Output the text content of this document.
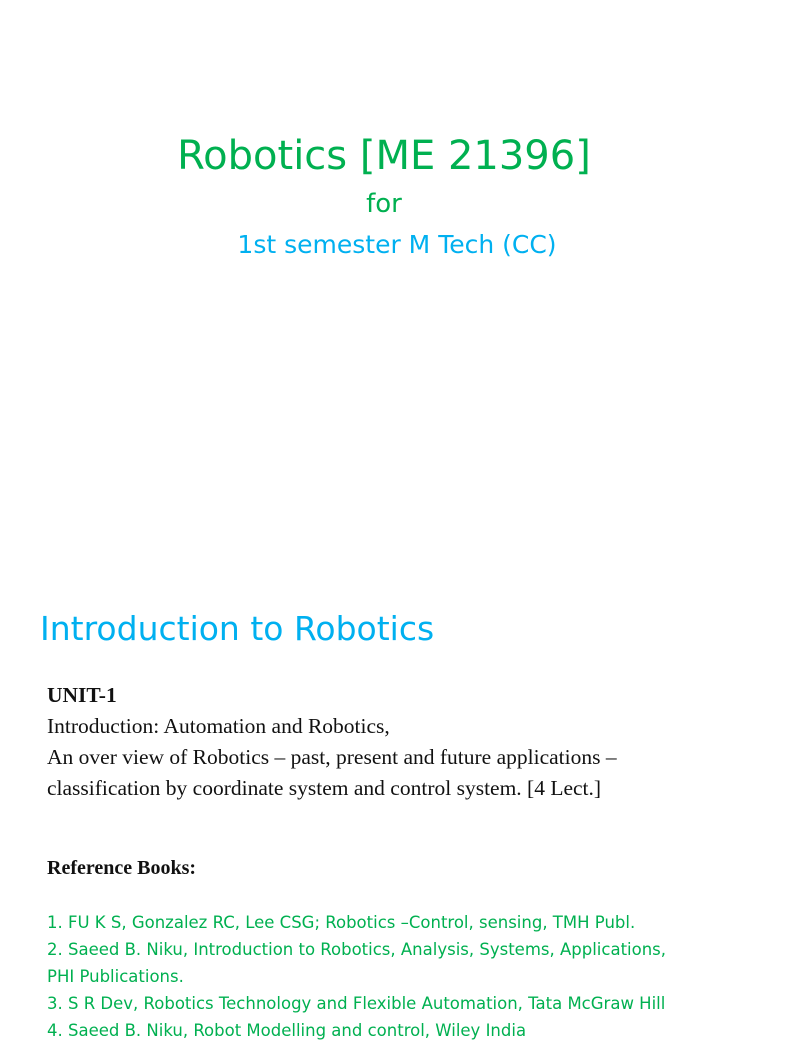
Robotics [ME 21396]
for
1st semester M Tech (CC)
Introduction to Robotics
UNIT-1
Introduction: Automation and Robotics,
An over view of Robotics – past, present and future applications –
classification by coordinate system and control system. [4 Lect.]
Reference Books:
1. FU K S, Gonzalez RC, Lee CSG; Robotics –Control, sensing, TMH Publ.
2. Saeed B. Niku, Introduction to Robotics, Analysis, Systems, Applications,
PHI Publications.
3. S R Dev, Robotics Technology and Flexible Automation, Tata McGraw Hill
4. Saeed B. Niku, Robot Modelling and control, Wiley India
